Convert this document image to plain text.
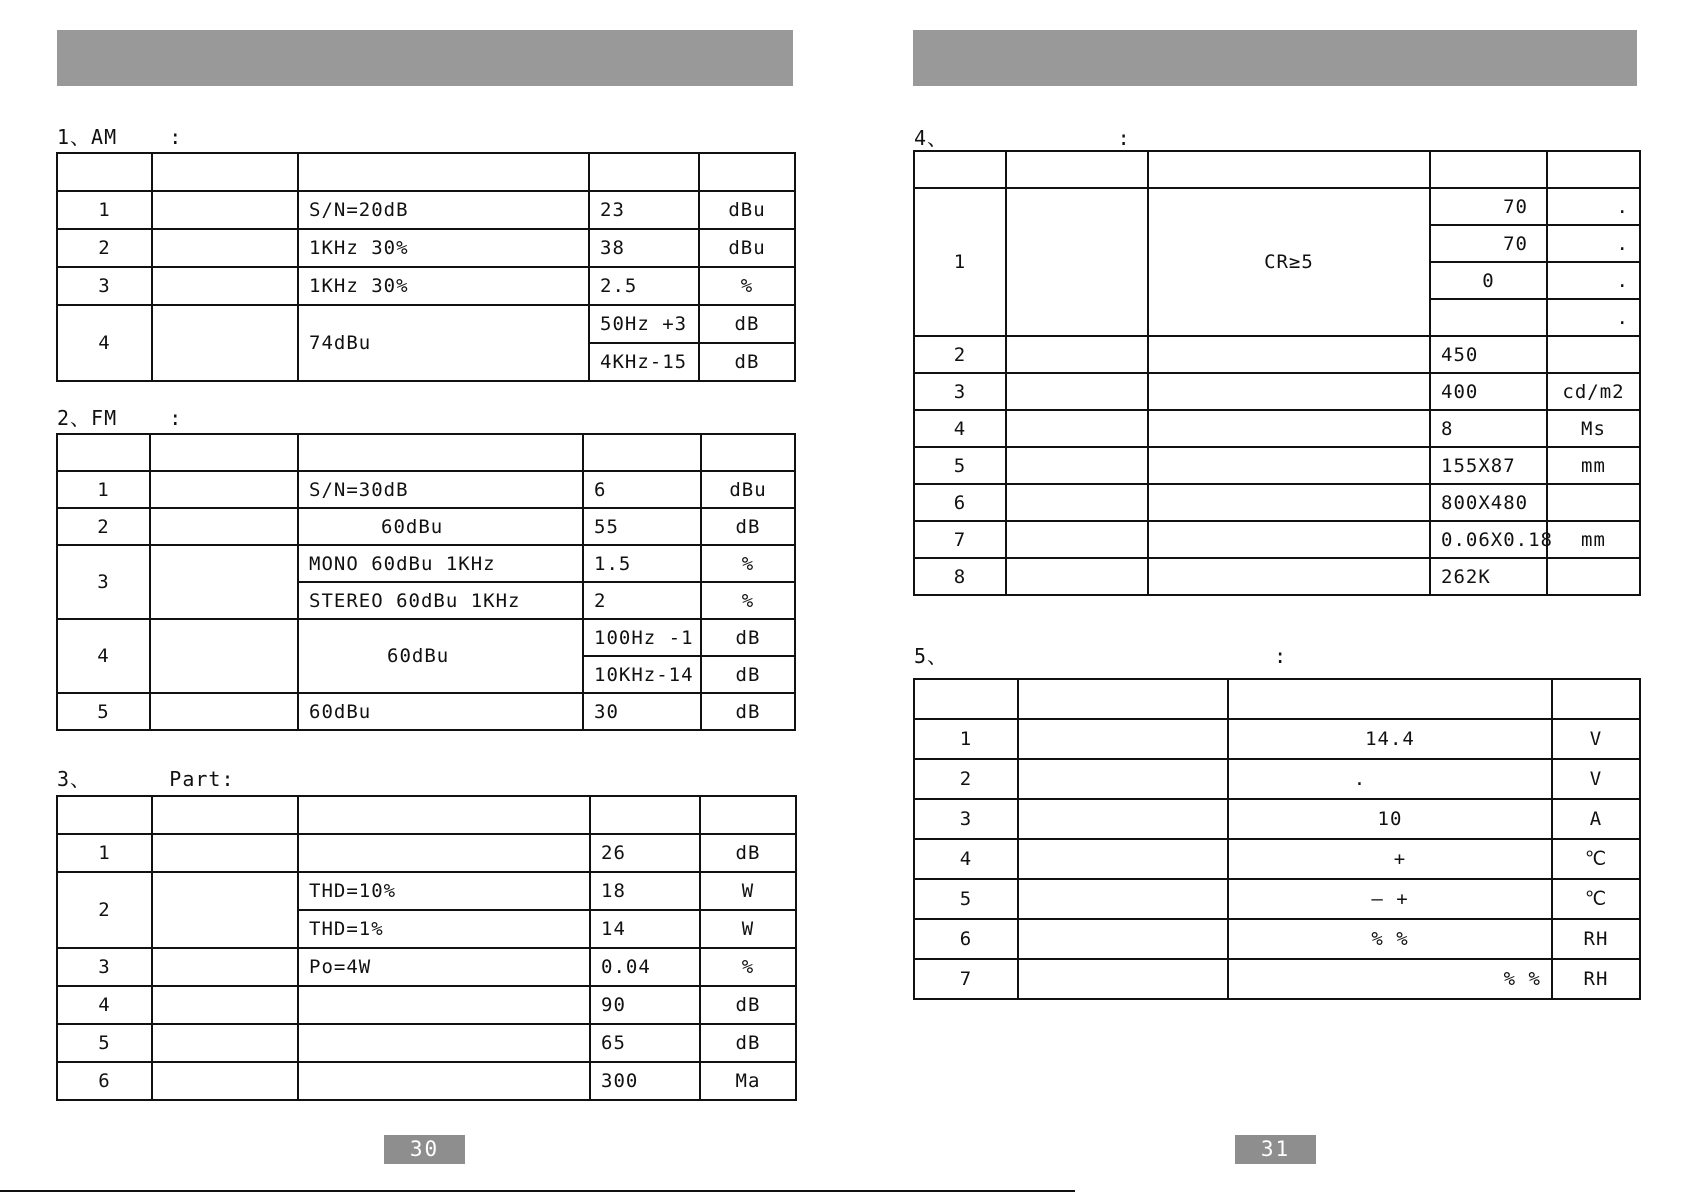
1、AM    :

1		S/N=20dB	23	dBu
2		1KHz 30%	38	dBu
3		1KHz 30%	2.5	%
4		74dBu	50Hz +3	dB
			4KHz-15	dB
2、FM    :

1		S/N=30dB	6	dBu
2		60dBu	55	dB
3		MONO 60dBu 1KHz	1.5	%
		STEREO 60dBu 1KHz	2	%
4		60dBu	100Hz -1	dB
			10KHz-14	dB
5		60dBu	30	dB
3、      Part:

1			26	dB
2		THD=10%	18	W
		THD=1%	14	W
3		Po=4W	0.04	%
4			90	dB
5			65	dB
6			300	Ma
30
4、             :

1		CR≥5	70	.
			70	.
			0	.
				.
2			450	
3			400	cd/m2
4			8	Ms
5			155X87	mm
6			800X480	
7			0.06X0.18	mm
8			262K	
5、                         :

1		14.4	V
2		.	V
3		10	A
4		+	℃
5		– +	℃
6		% %	RH
7		% %	RH
31
